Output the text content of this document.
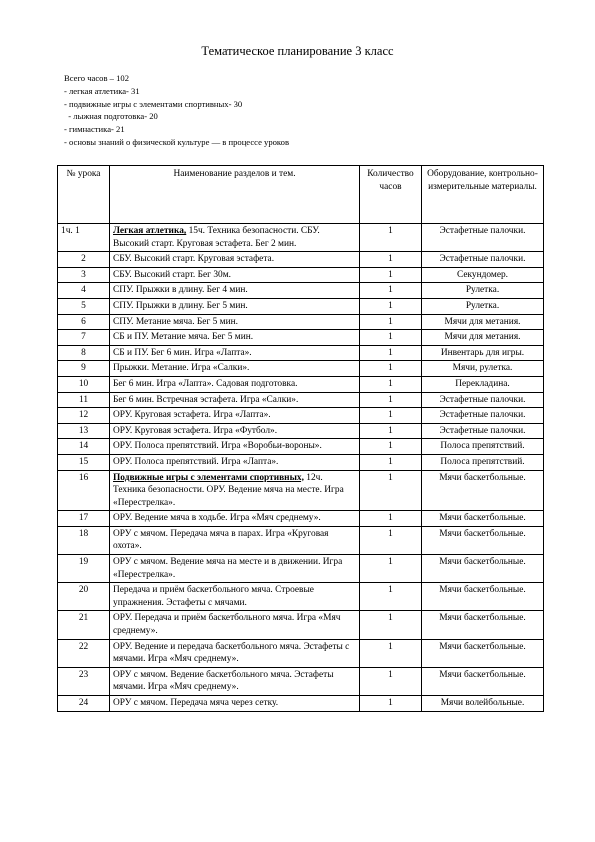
Тематическое планирование 3 класс
Всего часов – 102
- легкая атлетика- 31
- подвижные игры с элементами спортивных- 30
- лыжная подготовка- 20
- гимнастика- 21
- основы знаний о физической культуре — в процессе уроков
№ урока	Наименование разделов и тем.	Количество часов	Оборудование, контрольно-измерительные материалы.
1ч. 1	Легкая атлетика, 15ч. Техника безопасности. СБУ. Высокий старт. Круговая эстафета. Бег 2 мин.	1	Эстафетные палочки.
2	СБУ. Высокий старт. Круговая эстафета.	1	Эстафетные палочки.
3	СБУ. Высокий старт. Бег 30м.	1	Секундомер.
4	СПУ. Прыжки в длину. Бег 4 мин.	1	Рулетка.
5	СПУ. Прыжки в длину. Бег 5 мин.	1	Рулетка.
6	СПУ. Метание мяча. Бег 5 мин.	1	Мячи для метания.
7	СБ и ПУ. Метание мяча. Бег 5 мин.	1	Мячи для метания.
8	СБ и ПУ. Бег 6 мин. Игра «Лапта».	1	Инвентарь для игры.
9	Прыжки. Метание. Игра «Салки».	1	Мячи, рулетка.
10	Бег 6 мин. Игра «Лапта». Садовая подготовка.	1	Перекладина.
11	Бег 6 мин. Встречная эстафета. Игра «Салки».	1	Эстафетные палочки.
12	ОРУ. Круговая эстафета. Игра «Лапта».	1	Эстафетные палочки.
13	ОРУ. Круговая эстафета. Игра «Футбол».	1	Эстафетные палочки.
14	ОРУ. Полоса препятствий. Игра «Воробьи-вороны».	1	Полоса препятствий.
15	ОРУ. Полоса препятствий. Игра «Лапта».	1	Полоса препятствий.
16	Подвижные игры с элементами спортивных, 12ч. Техника безопасности. ОРУ. Ведение мяча на месте. Игра «Перестрелка».	1	Мячи баскетбольные.
17	ОРУ. Ведение мяча в ходьбе. Игра «Мяч среднему».	1	Мячи баскетбольные.
18	ОРУ с мячом. Передача мяча в парах. Игра «Круговая охота».	1	Мячи баскетбольные.
19	ОРУ с мячом. Ведение мяча на месте и в движении. Игра «Перестрелка».	1	Мячи баскетбольные.
20	Передача и приём баскетбольного мяча. Строевые упражнения. Эстафеты с мячами.	1	Мячи баскетбольные.
21	ОРУ. Передача и приём баскетбольного мяча. Игра «Мяч среднему».	1	Мячи баскетбольные.
22	ОРУ. Ведение и передача баскетбольного мяча. Эстафеты с мячами. Игра «Мяч среднему».	1	Мячи баскетбольные.
23	ОРУ с мячом. Ведение баскетбольного мяча. Эстафеты мячами. Игра «Мяч среднему».	1	Мячи баскетбольные.
24	ОРУ с мячом. Передача мяча через сетку.	1	Мячи волейбольные.
